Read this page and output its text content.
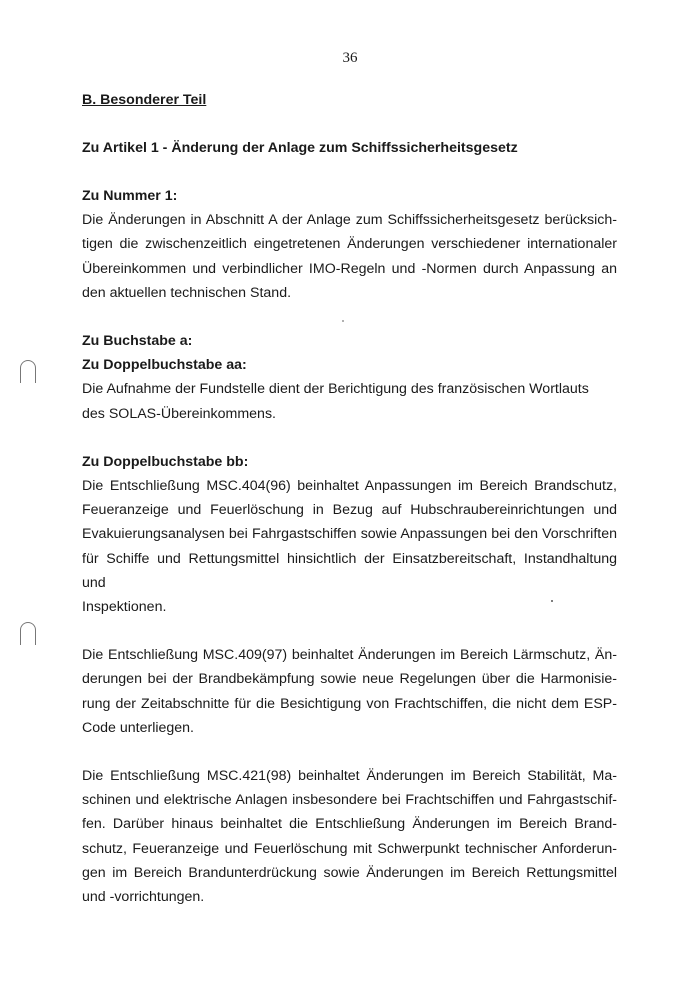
36
B. Besonderer Teil
Zu Artikel 1 - Änderung der Anlage zum Schiffssicherheitsgesetz
Zu Nummer 1:
Die Änderungen in Abschnitt A der Anlage zum Schiffssicherheitsgesetz berücksich-
tigen die zwischenzeitlich eingetretenen Änderungen verschiedener internationaler
Übereinkommen und verbindlicher IMO-Regeln und -Normen durch Anpassung an
den aktuellen technischen Stand.
Zu Buchstabe a:
Zu Doppelbuchstabe aa:
Die Aufnahme der Fundstelle dient der Berichtigung des französischen Wortlauts
des SOLAS-Übereinkommens.
Zu Doppelbuchstabe bb:
Die Entschließung MSC.404(96) beinhaltet Anpassungen im Bereich Brandschutz,
Feueranzeige und Feuerlöschung in Bezug auf Hubschraubereinrichtungen und
Evakuierungsanalysen bei Fahrgastschiffen sowie Anpassungen bei den Vorschriften
für Schiffe und Rettungsmittel hinsichtlich der Einsatzbereitschaft, Instandhaltung und
Inspektionen.
Die Entschließung MSC.409(97) beinhaltet Änderungen im Bereich Lärmschutz, Än-
derungen bei der Brandbekämpfung sowie neue Regelungen über die Harmonisie-
rung der Zeitabschnitte für die Besichtigung von Frachtschiffen, die nicht dem ESP-
Code unterliegen.
Die Entschließung MSC.421(98) beinhaltet Änderungen im Bereich Stabilität, Ma-
schinen und elektrische Anlagen insbesondere bei Frachtschiffen und Fahrgastschif-
fen. Darüber hinaus beinhaltet die Entschließung Änderungen im Bereich Brand-
schutz, Feueranzeige und Feuerlöschung mit Schwerpunkt technischer Anforderun-
gen im Bereich Brandunterdrückung sowie Änderungen im Bereich Rettungsmittel
und -vorrichtungen.
